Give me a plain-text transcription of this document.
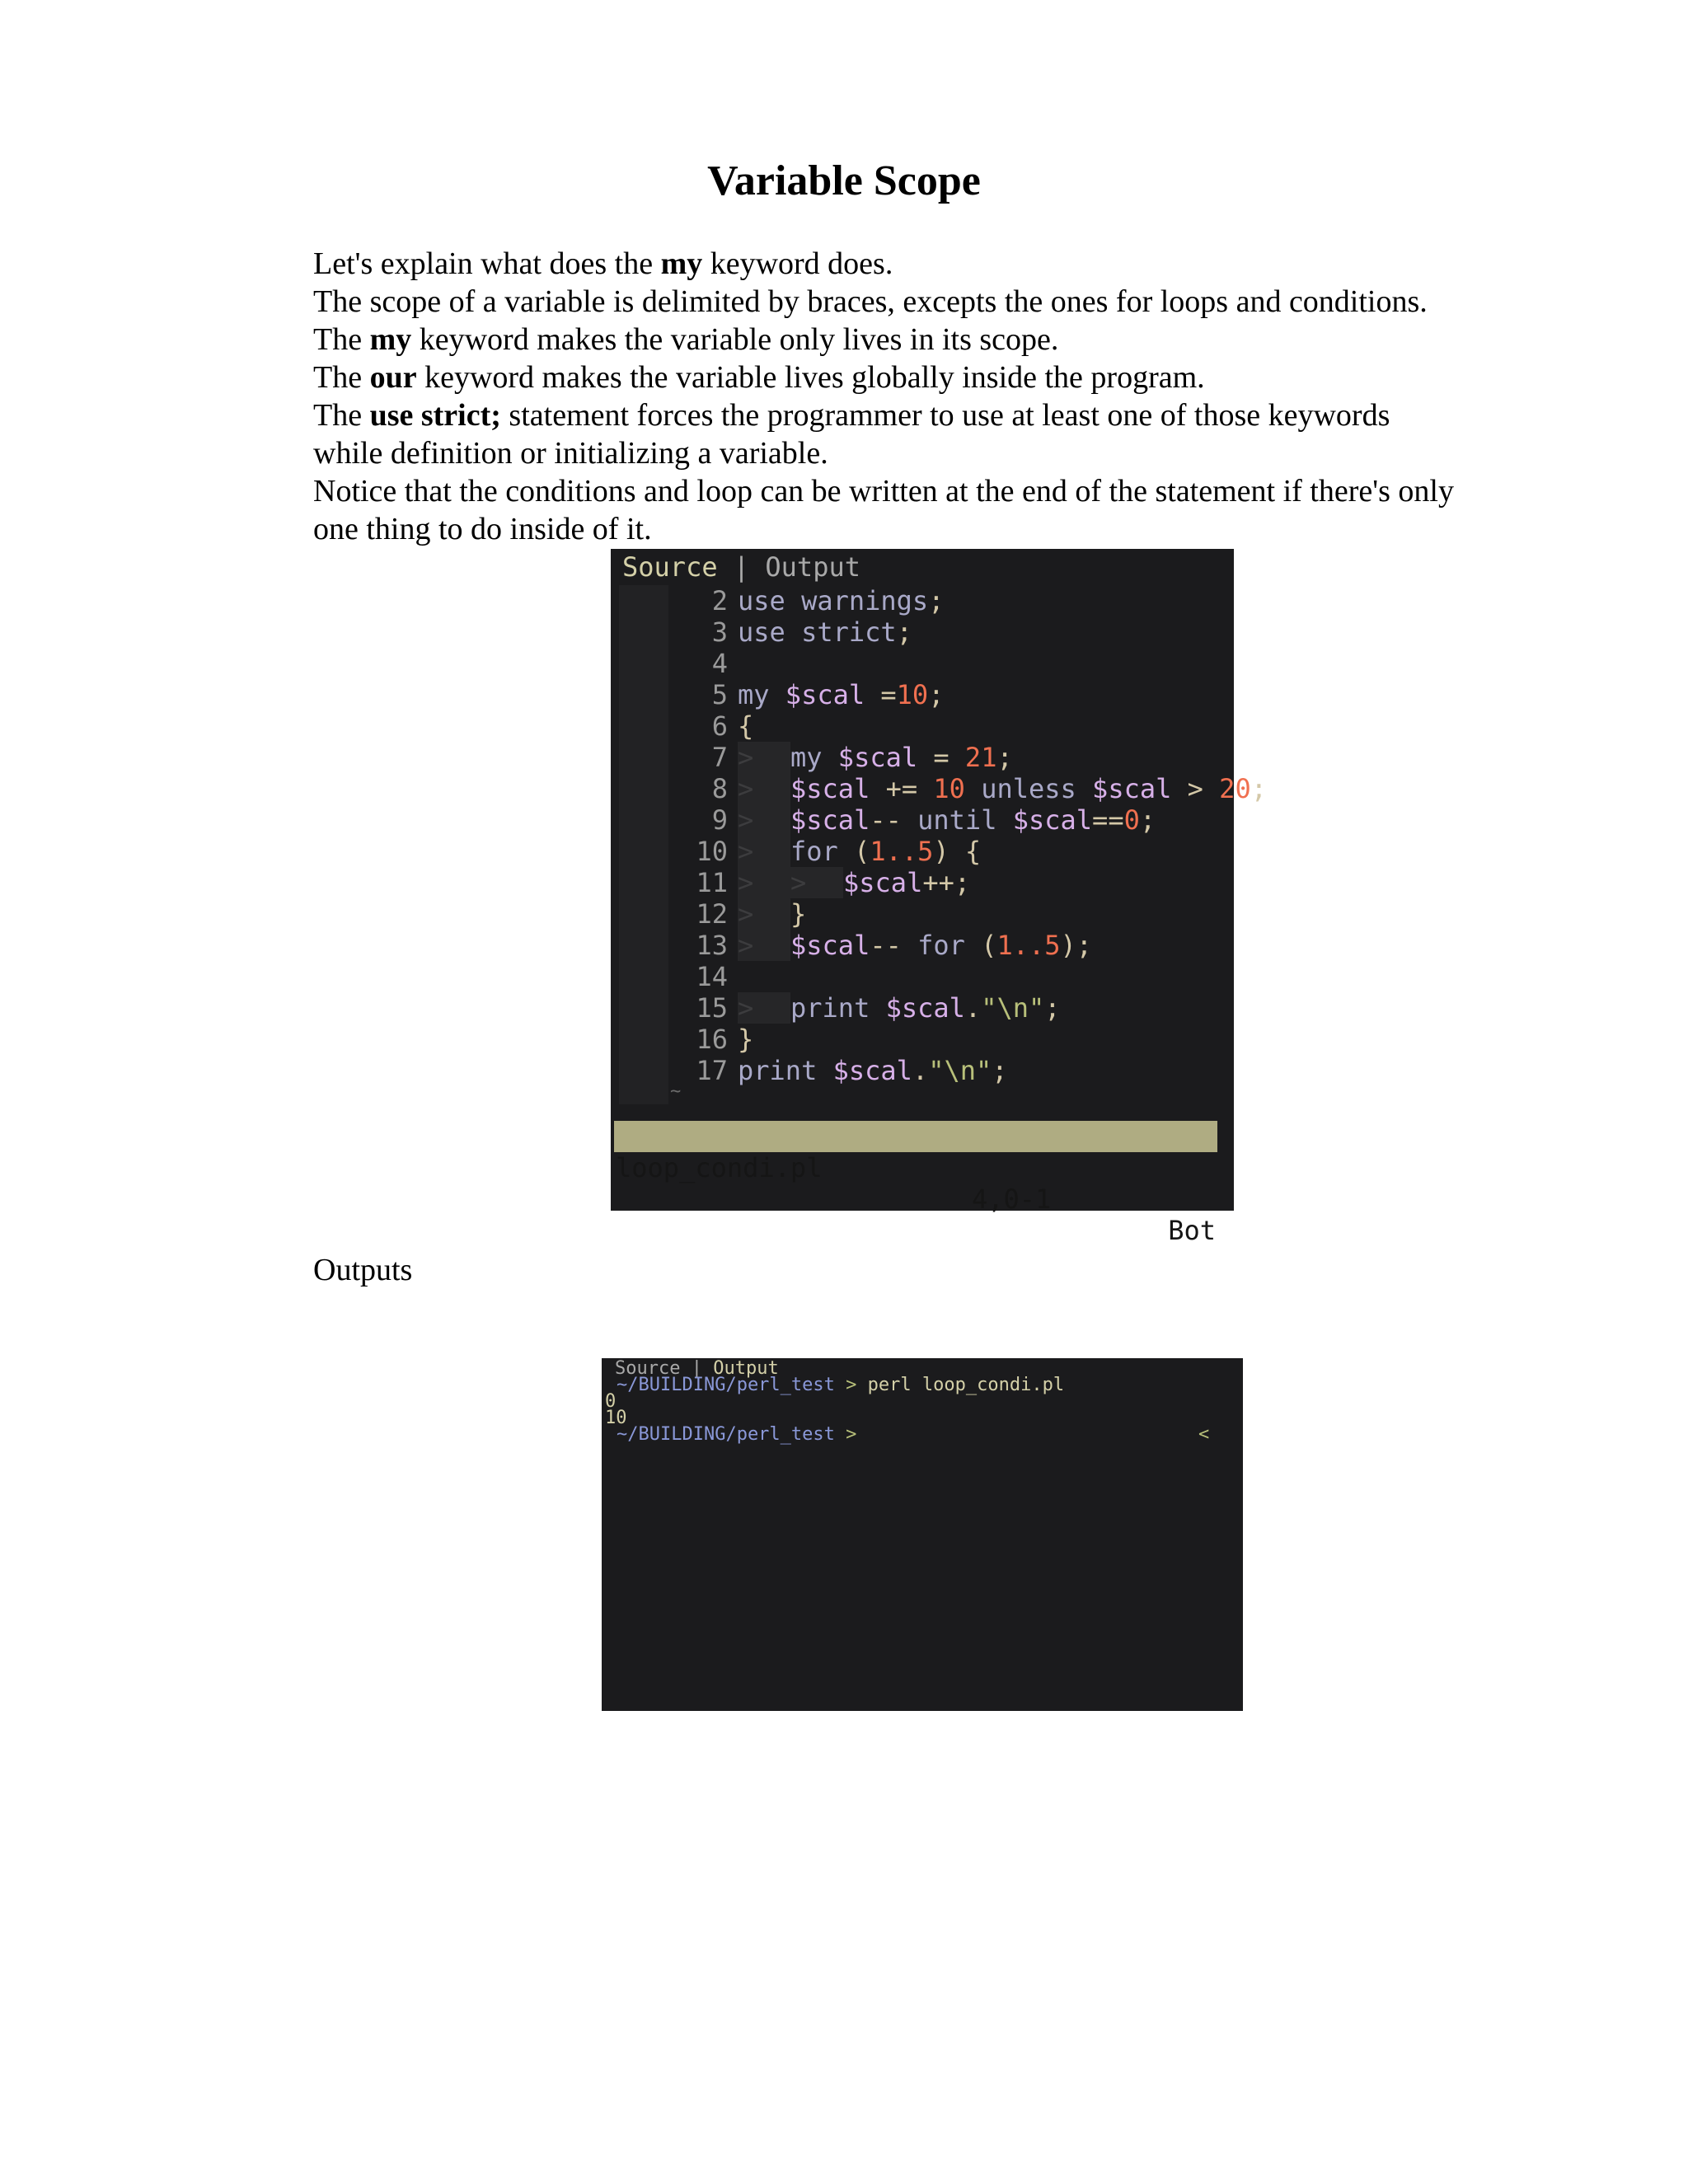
Variable Scope
Let's explain what does the my keyword does.
The scope of a variable is delimited by braces, excepts the ones for loops and conditions.
The my keyword makes the variable only lives in its scope.
The our keyword makes the variable lives globally inside the program.
The use strict; statement forces the programmer to use at least one of those keywords
while definition or initializing a variable.
Notice that the conditions and loop can be written at the end of the statement if there's only
one thing to do inside of it.
Source | Output
2 use warnings;
3 use strict;
4
5 my $scal =10;
6 {
7 > my $scal = 21;
8 > $scal += 10 unless $scal > 20;
9 > $scal-- until $scal==0;
10 > for (1..5) {
11 > > $scal++;
12 > }
13 > $scal-- for (1..5);
14
15 > print $scal."\n";
16 }
17 print $scal."\n";
~

loop_condi.pl

4,0-1

Bot

Outputs
Source | Output
~/BUILDING/perl_test > perl loop_condi.pl
0
10
~/BUILDING/perl_test >	<
